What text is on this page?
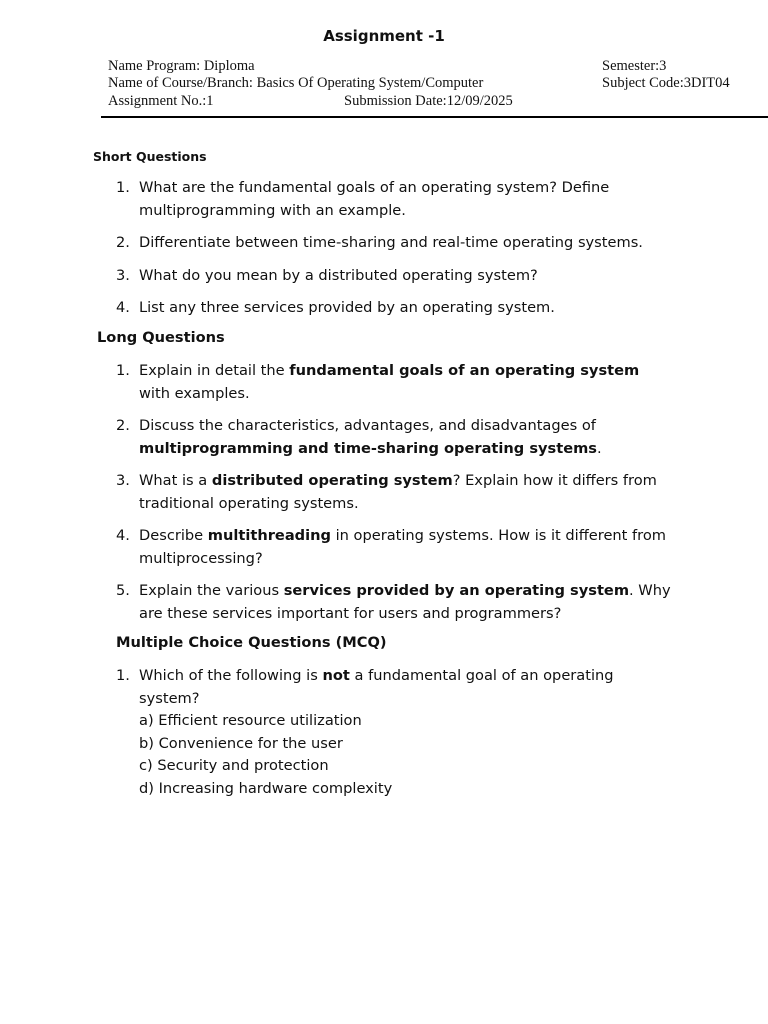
Assignment -1
Name Program: Diploma	Semester:3
Name of Course/Branch: Basics Of Operating System/Computer	Subject Code:3DIT04
Assignment No.:1	Submission Date:12/09/2025
Short Questions
1. What are the fundamental goals of an operating system? Define multiprogramming with an example.
2. Differentiate between time-sharing and real-time operating systems.
3. What do you mean by a distributed operating system?
4. List any three services provided by an operating system.
Long Questions
1. Explain in detail the fundamental goals of an operating system with examples.
2. Discuss the characteristics, advantages, and disadvantages of multiprogramming and time-sharing operating systems.
3. What is a distributed operating system? Explain how it differs from traditional operating systems.
4. Describe multithreading in operating systems. How is it different from multiprocessing?
5. Explain the various services provided by an operating system. Why are these services important for users and programmers?
Multiple Choice Questions (MCQ)
1. Which of the following is not a fundamental goal of an operating system?
a) Efficient resource utilization
b) Convenience for the user
c) Security and protection
d) Increasing hardware complexity
